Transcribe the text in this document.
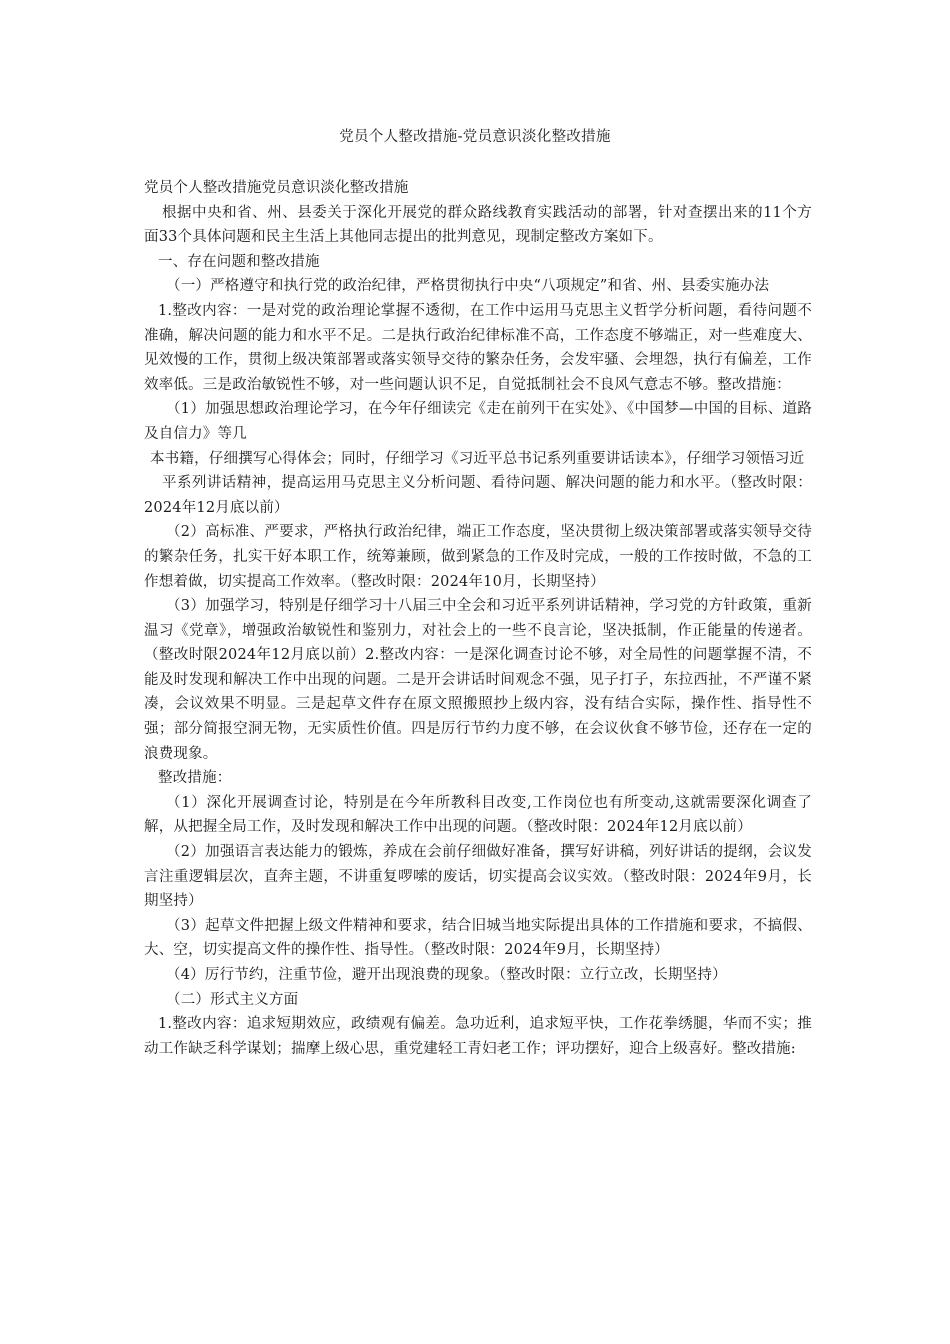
党员个人整改措施-党员意识淡化整改措施

党员个人整改措施党员意识淡化整改措施

根据中央和省、州、县委关于深化开展党的群众路线教育实践活动的部署，针对查摆出来的11个方面33个具体问题和民主生活上其他同志提出的批判意见，现制定整改方案如下。

一、存在问题和整改措施

（一）严格遵守和执行党的政治纪律，严格贯彻执行中央“八项规定”和省、州、县委实施办法

1.整改内容：一是对党的政治理论掌握不透彻，在工作中运用马克思主义哲学分析问题，看待问题不准确，解决问题的能力和水平不足。二是执行政治纪律标准不高，工作态度不够端正，对一些难度大、见效慢的工作，贯彻上级决策部署或落实领导交待的繁杂任务，会发牢骚、会埋怨，执行有偏差，工作效率低。三是政治敏锐性不够，对一些问题认识不足，自觉抵制社会不良风气意志不够。整改措施：

（1）加强思想政治理论学习，在今年仔细读完《走在前列干在实处》、《中国梦—中国的目标、道路及自信力》等几

本书籍，仔细撰写心得体会；同时，仔细学习《习近平总书记系列重要讲话读本》，仔细学习领悟习近

平系列讲话精神，提高运用马克思主义分析问题、看待问题、解决问题的能力和水平。（整改时限：2024年12月底以前）

（2）高标准、严要求，严格执行政治纪律，端正工作态度，坚决贯彻上级决策部署或落实领导交待的繁杂任务，扎实干好本职工作，统筹兼顾，做到紧急的工作及时完成，一般的工作按时做，不急的工作想着做，切实提高工作效率。（整改时限：2024年10月，长期坚持）

（3）加强学习，特别是仔细学习十八届三中全会和习近平系列讲话精神，学习党的方针政策，重新温习《党章》，增强政治敏锐性和鉴别力，对社会上的一些不良言论，坚决抵制，作正能量的传递者。（整改时限2024年12月底以前）2.整改内容：一是深化调查讨论不够，对全局性的问题掌握不清，不能及时发现和解决工作中出现的问题。二是开会讲话时间观念不强，见子打子，东拉西扯，不严谨不紧凑，会议效果不明显。三是起草文件存在原文照搬照抄上级内容，没有结合实际，操作性、指导性不强；部分简报空洞无物，无实质性价值。四是厉行节约力度不够，在会议伙食不够节俭，还存在一定的浪费现象。

整改措施：

（1）深化开展调查讨论，特别是在今年所教科目改变,工作岗位也有所变动,这就需要深化调查了解，从把握全局工作，及时发现和解决工作中出现的问题。（整改时限：2024年12月底以前）

（2）加强语言表达能力的锻炼，养成在会前仔细做好准备，撰写好讲稿，列好讲话的提纲，会议发言注重逻辑层次，直奔主题，不讲重复啰嗦的废话，切实提高会议实效。（整改时限：2024年9月，长期坚持）

（3）起草文件把握上级文件精神和要求，结合旧城当地实际提出具体的工作措施和要求，不搞假、大、空，切实提高文件的操作性、指导性。（整改时限：2024年9月，长期坚持）

（4）厉行节约，注重节俭，避开出现浪费的现象。（整改时限：立行立改，长期坚持）

（二）形式主义方面

1.整改内容：追求短期效应，政绩观有偏差。急功近利，追求短平快，工作花拳绣腿，华而不实；推动工作缺乏科学谋划；揣摩上级心思，重党建轻工青妇老工作；评功摆好，迎合上级喜好。整改措施:
